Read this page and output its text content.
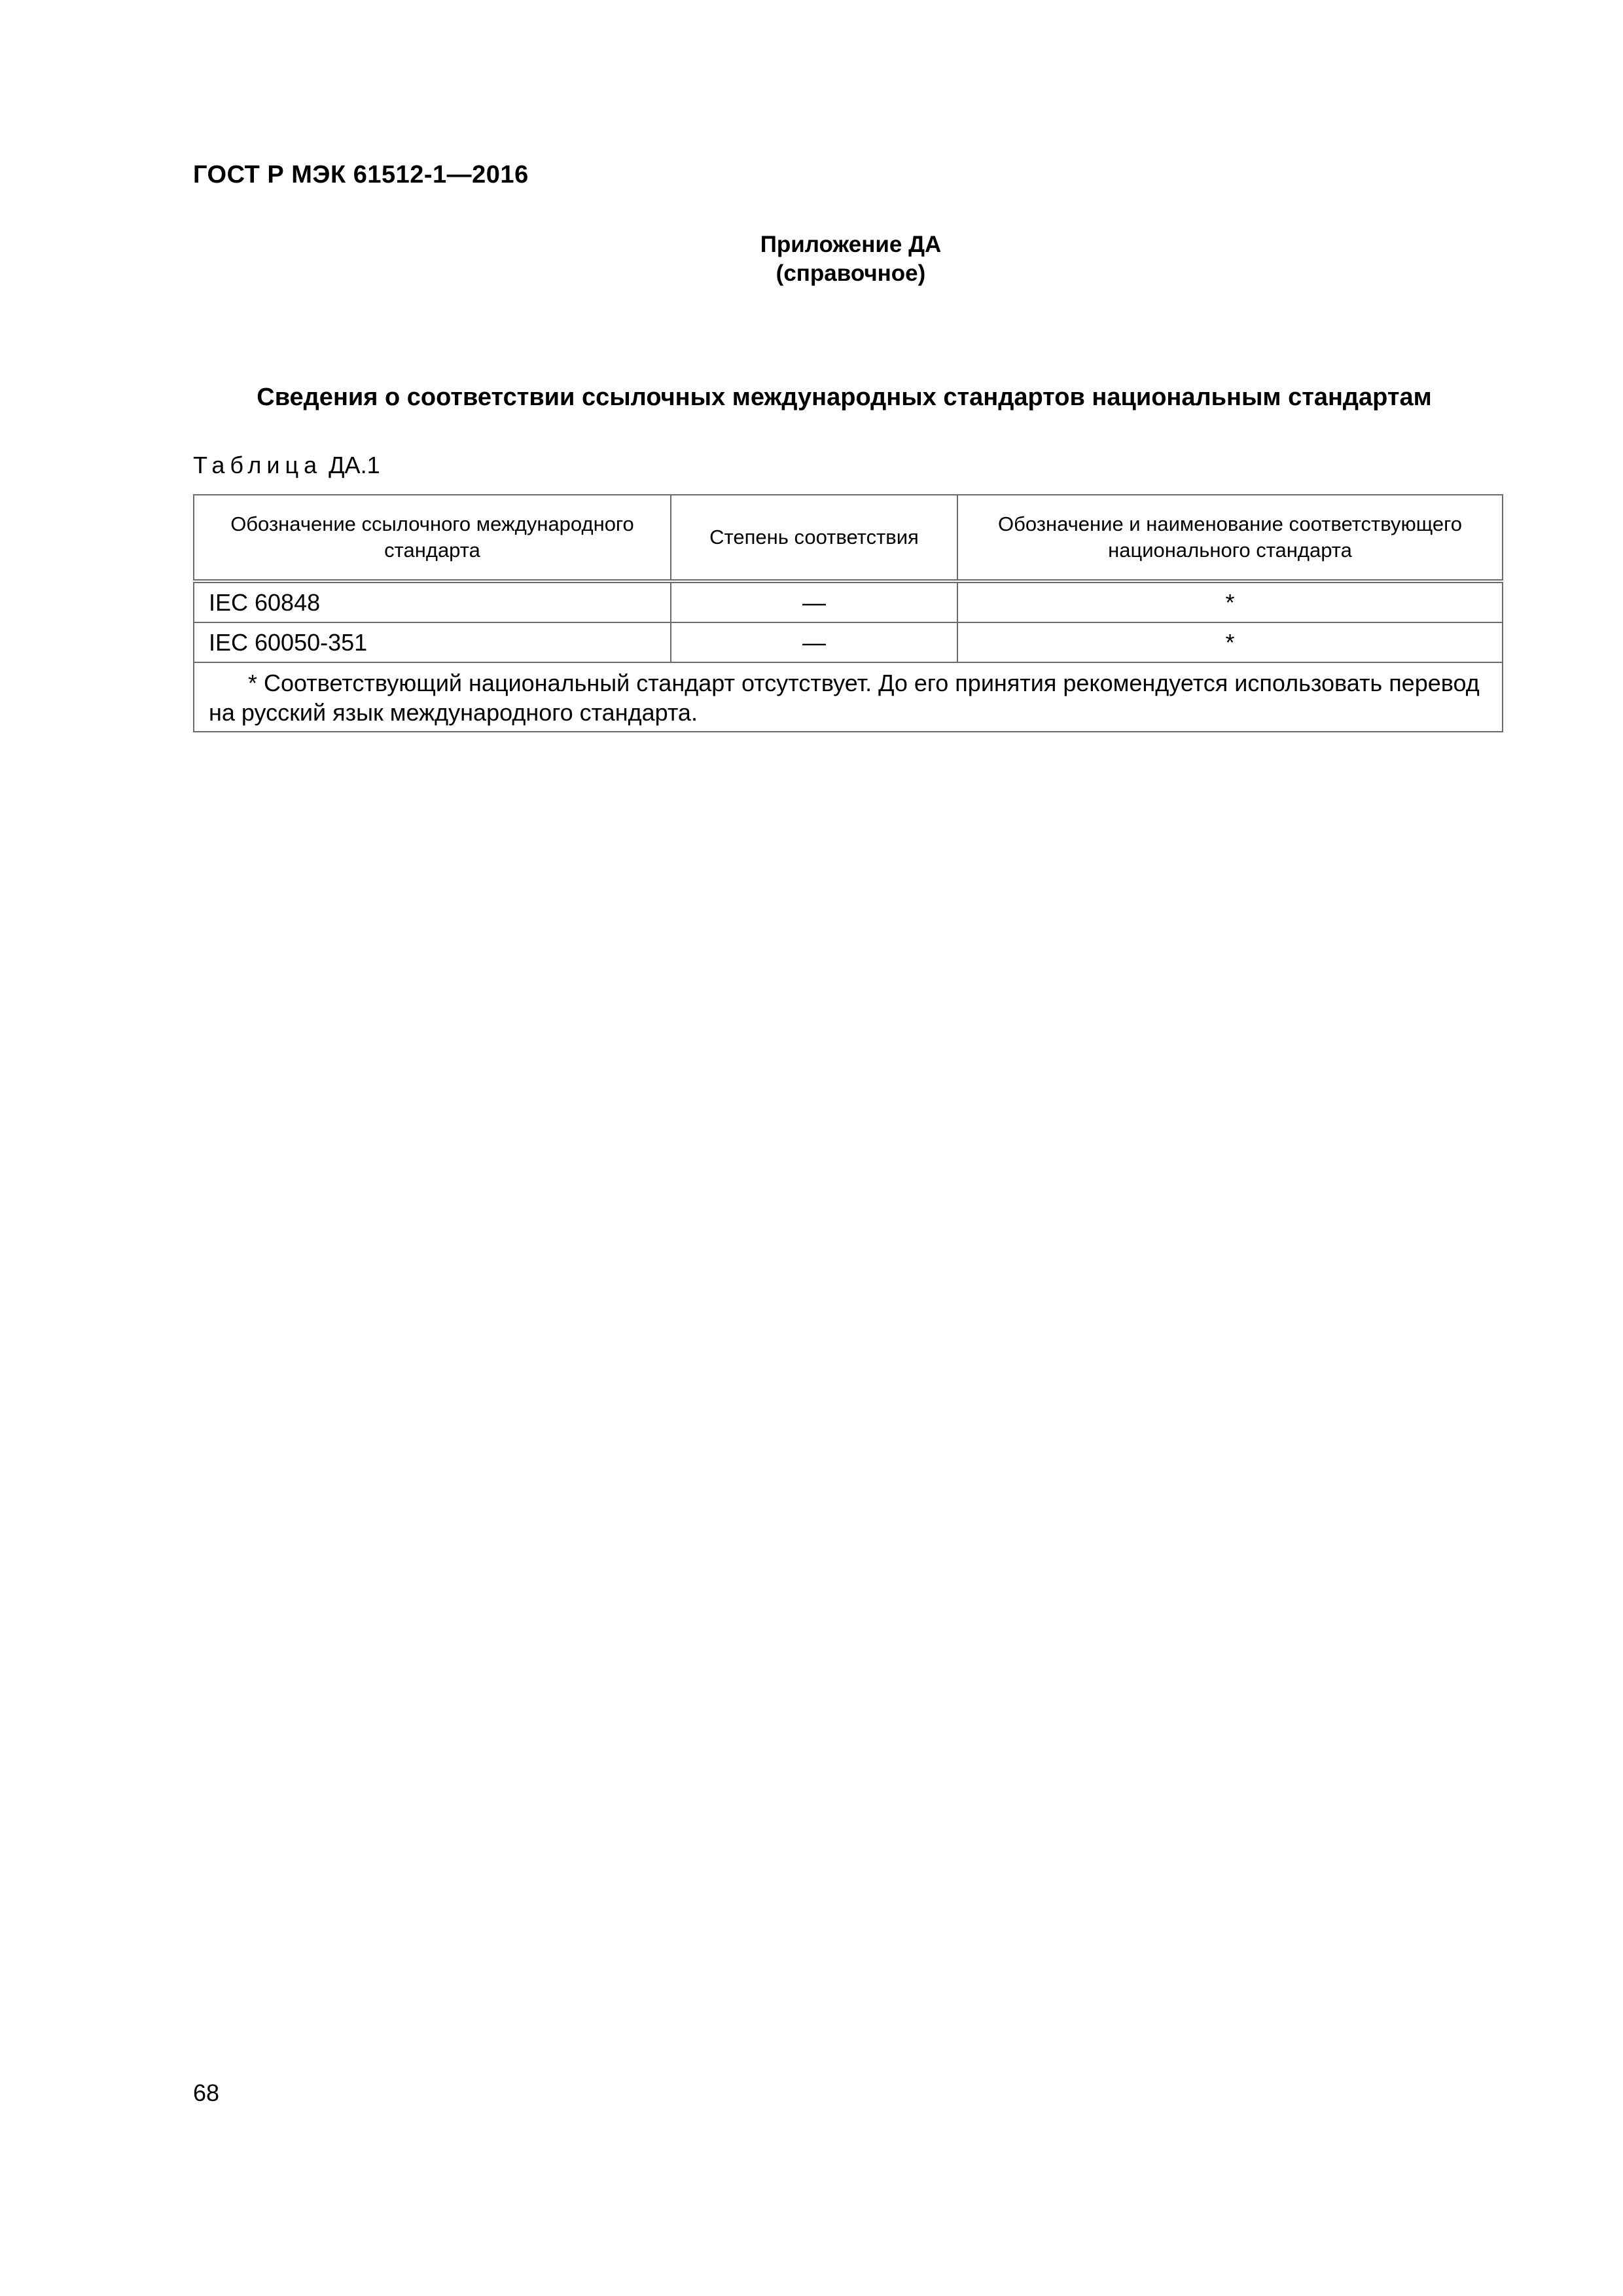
ГОСТ Р МЭК 61512-1—2016
Приложение ДА
(справочное)
Сведения о соответствии ссылочных международных стандартов национальным стандартам
Таблица ДА.1
Обозначение ссылочного международного стандарта	Степень соответствия	Обозначение и наименование соответствующего национального стандарта
IEC 60848	—	*
IEC 60050-351	—	*

* Соответствующий национальный стандарт отсутствует. До его принятия рекомендуется использовать перевод на русский язык международного стандарта.		
68
